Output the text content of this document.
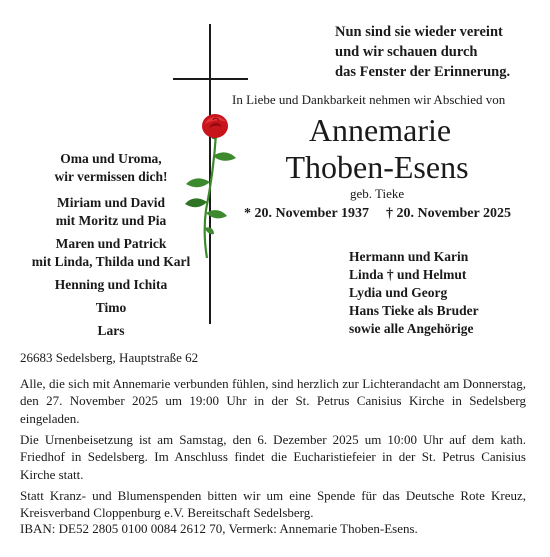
Nun sind sie wieder vereint
und wir schauen durch
das Fenster der Erinnerung.
In Liebe und Dankbarkeit nehmen wir Abschied von
Annemarie
Thoben-Esens
geb. Tieke
* 20. November 1937 † 20. November 2025
Oma und Uroma,
wir vermissen dich!
Miriam und David
mit Moritz und Pia
Maren und Patrick
mit Linda, Thilda und Karl
Henning und Ichita
Timo
Lars
Hermann und Karin
Linda † und Helmut
Lydia und Georg
Hans Tieke als Bruder
sowie alle Angehörige
26683 Sedelsberg, Hauptstraße 62

Alle, die sich mit Annemarie verbunden fühlen, sind herzlich zur Lichterandacht am Donnerstag, den 27. November 2025 um 19:00 Uhr in der St. Petrus Canisius Kirche in Sedelsberg eingeladen.

Die Urnenbeisetzung ist am Samstag, den 6. Dezember 2025 um 10:00 Uhr auf dem kath. Friedhof in Sedelsberg. Im Anschluss findet die Eucharistiefeier in der St. Petrus Canisius Kirche statt.

Statt Kranz- und Blumenspenden bitten wir um eine Spende für das Deutsche Rote Kreuz, Kreisverband Cloppenburg e.V. Bereitschaft Sedelsberg.

IBAN: DE52 2805 0100 0084 2612 70, Vermerk: Annemarie Thoben-Esens.
